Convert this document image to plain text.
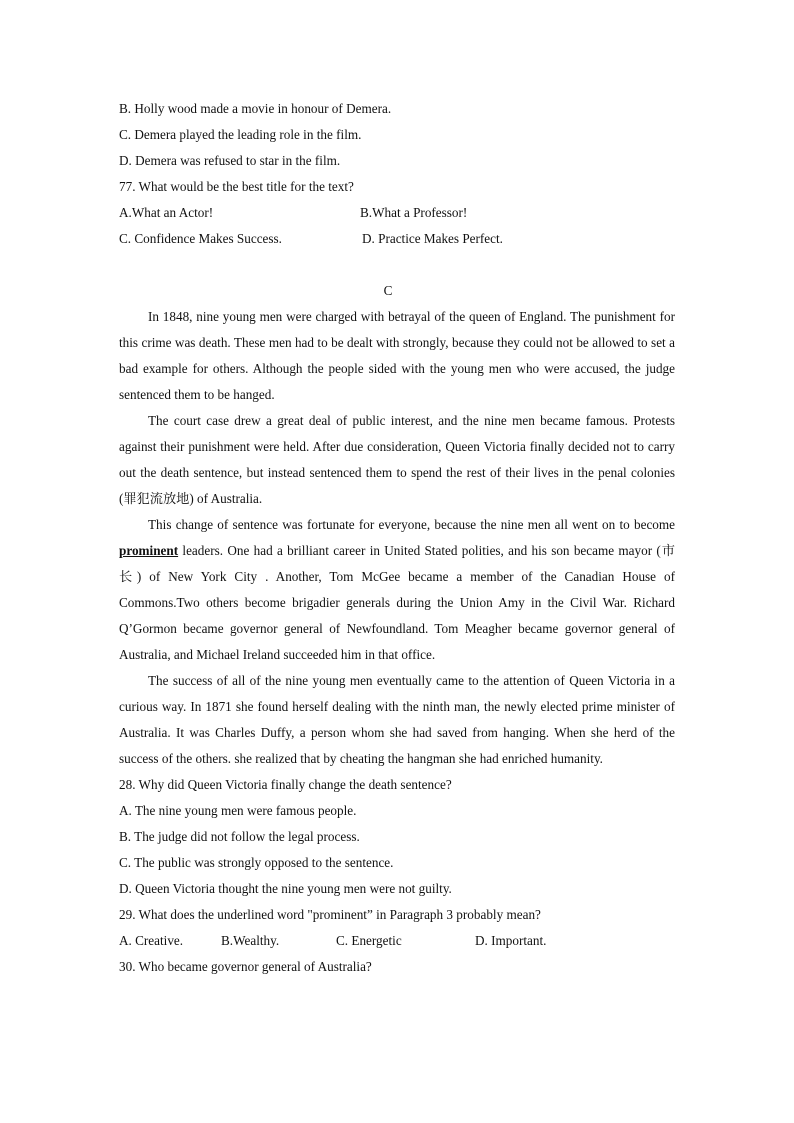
B. Holly wood made a movie in honour of Demera.
C. Demera played the leading role in the film.
D. Demera was refused to star in the film.
77. What would be the best title for the text?
A.What an Actor!	B.What a Professor!
C. Confidence Makes Success.	D. Practice Makes Perfect.
C
In 1848, nine young men were charged with betrayal of the queen of England. The punishment for this crime was death. These men had to be dealt with strongly, because they could not be allowed to set a bad example for others. Although the people sided with the young men who were accused, the judge sentenced them to be hanged.
The court case drew a great deal of public interest, and the nine men became famous. Protests against their punishment were held. After due consideration, Queen Victoria finally decided not to carry out the death sentence, but instead sentenced them to spend the rest of their lives in the penal colonies (罪犯流放地) of Australia.
This change of sentence was fortunate for everyone, because the nine men all went on to become prominent leaders. One had a brilliant career in United Stated polities, and his son became mayor (市长) of New York City . Another, Tom McGee became a member of the Canadian House of Commons.Two others become brigadier generals during the Union Amy in the Civil War. Richard Q’Gormon became governor general of Newfoundland. Tom Meagher became governor general of Australia, and Michael Ireland succeeded him in that office.
The success of all of the nine young men eventually came to the attention of Queen Victoria in a curious way. In 1871 she found herself dealing with the ninth man, the newly elected prime minister of Australia. It was Charles Duffy, a person whom she had saved from hanging. When she herd of the success of the others. she realized that by cheating the hangman she had enriched humanity.
28. Why did Queen Victoria finally change the death sentence?
A. The nine young men were famous people.
B. The judge did not follow the legal process.
C. The public was strongly opposed to the sentence.
D. Queen Victoria thought the nine young men were not guilty.
29. What does the underlined word "prominent” in Paragraph 3 probably mean?
A. Creative.	B.Wealthy.	C. Energetic	D. Important.
30. Who became governor general of Australia?
